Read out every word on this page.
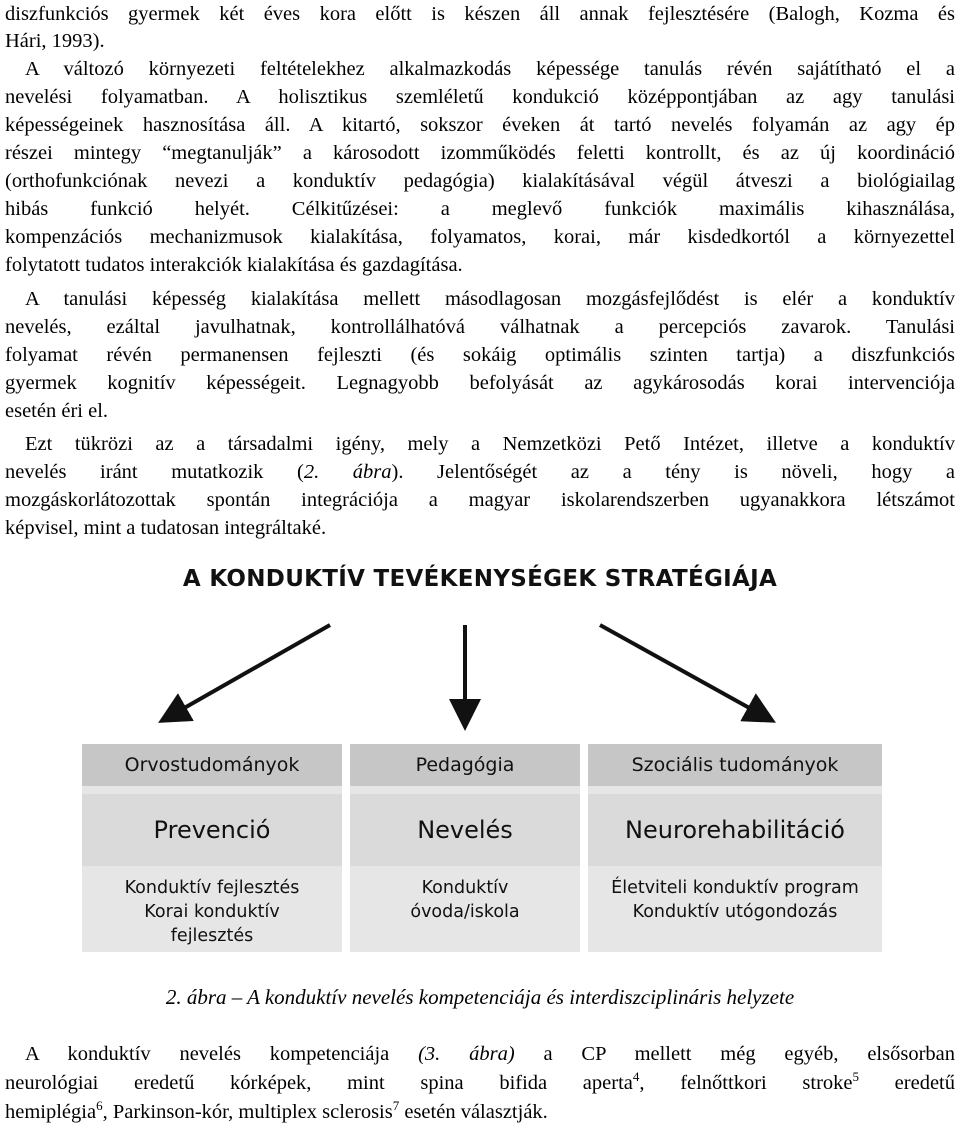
diszfunkciós gyermek két éves kora előtt is készen áll annak fejlesztésére (Balogh, Kozma és
Hári, 1993).
A változó környezeti feltételekhez alkalmazkodás képessége tanulás révén sajátítható el a
nevelési folyamatban. A holisztikus szemléletű kondukció középpontjában az agy tanulási
képességeinek hasznosítása áll. A kitartó, sokszor éveken át tartó nevelés folyamán az agy ép
részei mintegy “megtanulják” a károsodott izomműködés feletti kontrollt, és az új koordináció
(orthofunkciónak nevezi a konduktív pedagógia) kialakításával végül átveszi a biológiailag
hibás funkció helyét. Célkitűzései: a meglevő funkciók maximális kihasználása,
kompenzációs mechanizmusok kialakítása, folyamatos, korai, már kisdedkortól a környezettel
folytatott tudatos interakciók kialakítása és gazdagítása.
A tanulási képesség kialakítása mellett másodlagosan mozgásfejlődést is elér a konduktív
nevelés, ezáltal javulhatnak, kontrollálhatóvá válhatnak a percepciós zavarok. Tanulási
folyamat révén permanensen fejleszti (és sokáig optimális szinten tartja) a diszfunkciós
gyermek kognitív képességeit. Legnagyobb befolyását az agykárosodás korai intervenciója
esetén éri el.
Ezt tükrözi az a társadalmi igény, mely a Nemzetközi Pető Intézet, illetve a konduktív
nevelés iránt mutatkozik (2. ábra). Jelentőségét az a tény is növeli, hogy a
mozgáskorlátozottak spontán integrációja a magyar iskolarendszerben ugyanakkora létszámot
képvisel, mint a tudatosan integráltaké.
A KONDUKTÍV TEVÉKENYSÉGEK STRATÉGIÁJA
Orvostudományok
Prevenció
Konduktív fejlesztés
Korai konduktív
fejlesztés
Pedagógia
Nevelés
Konduktív
óvoda/iskola
Szociális tudományok
Neurorehabilitáció
Életviteli konduktív program
Konduktív utógondozás
2. ábra – A konduktív nevelés kompetenciája és interdiszciplináris helyzete
A konduktív nevelés kompetenciája (3. ábra) a CP mellett még egyéb, elsősorban
neurológiai eredetű kórképek, mint spina bifida aperta$^4$, felnőttkori stroke$^5$ eredetű
hemiplégia$^6$, Parkinson-kór, multiplex sclerosis$^7$ esetén választják.
